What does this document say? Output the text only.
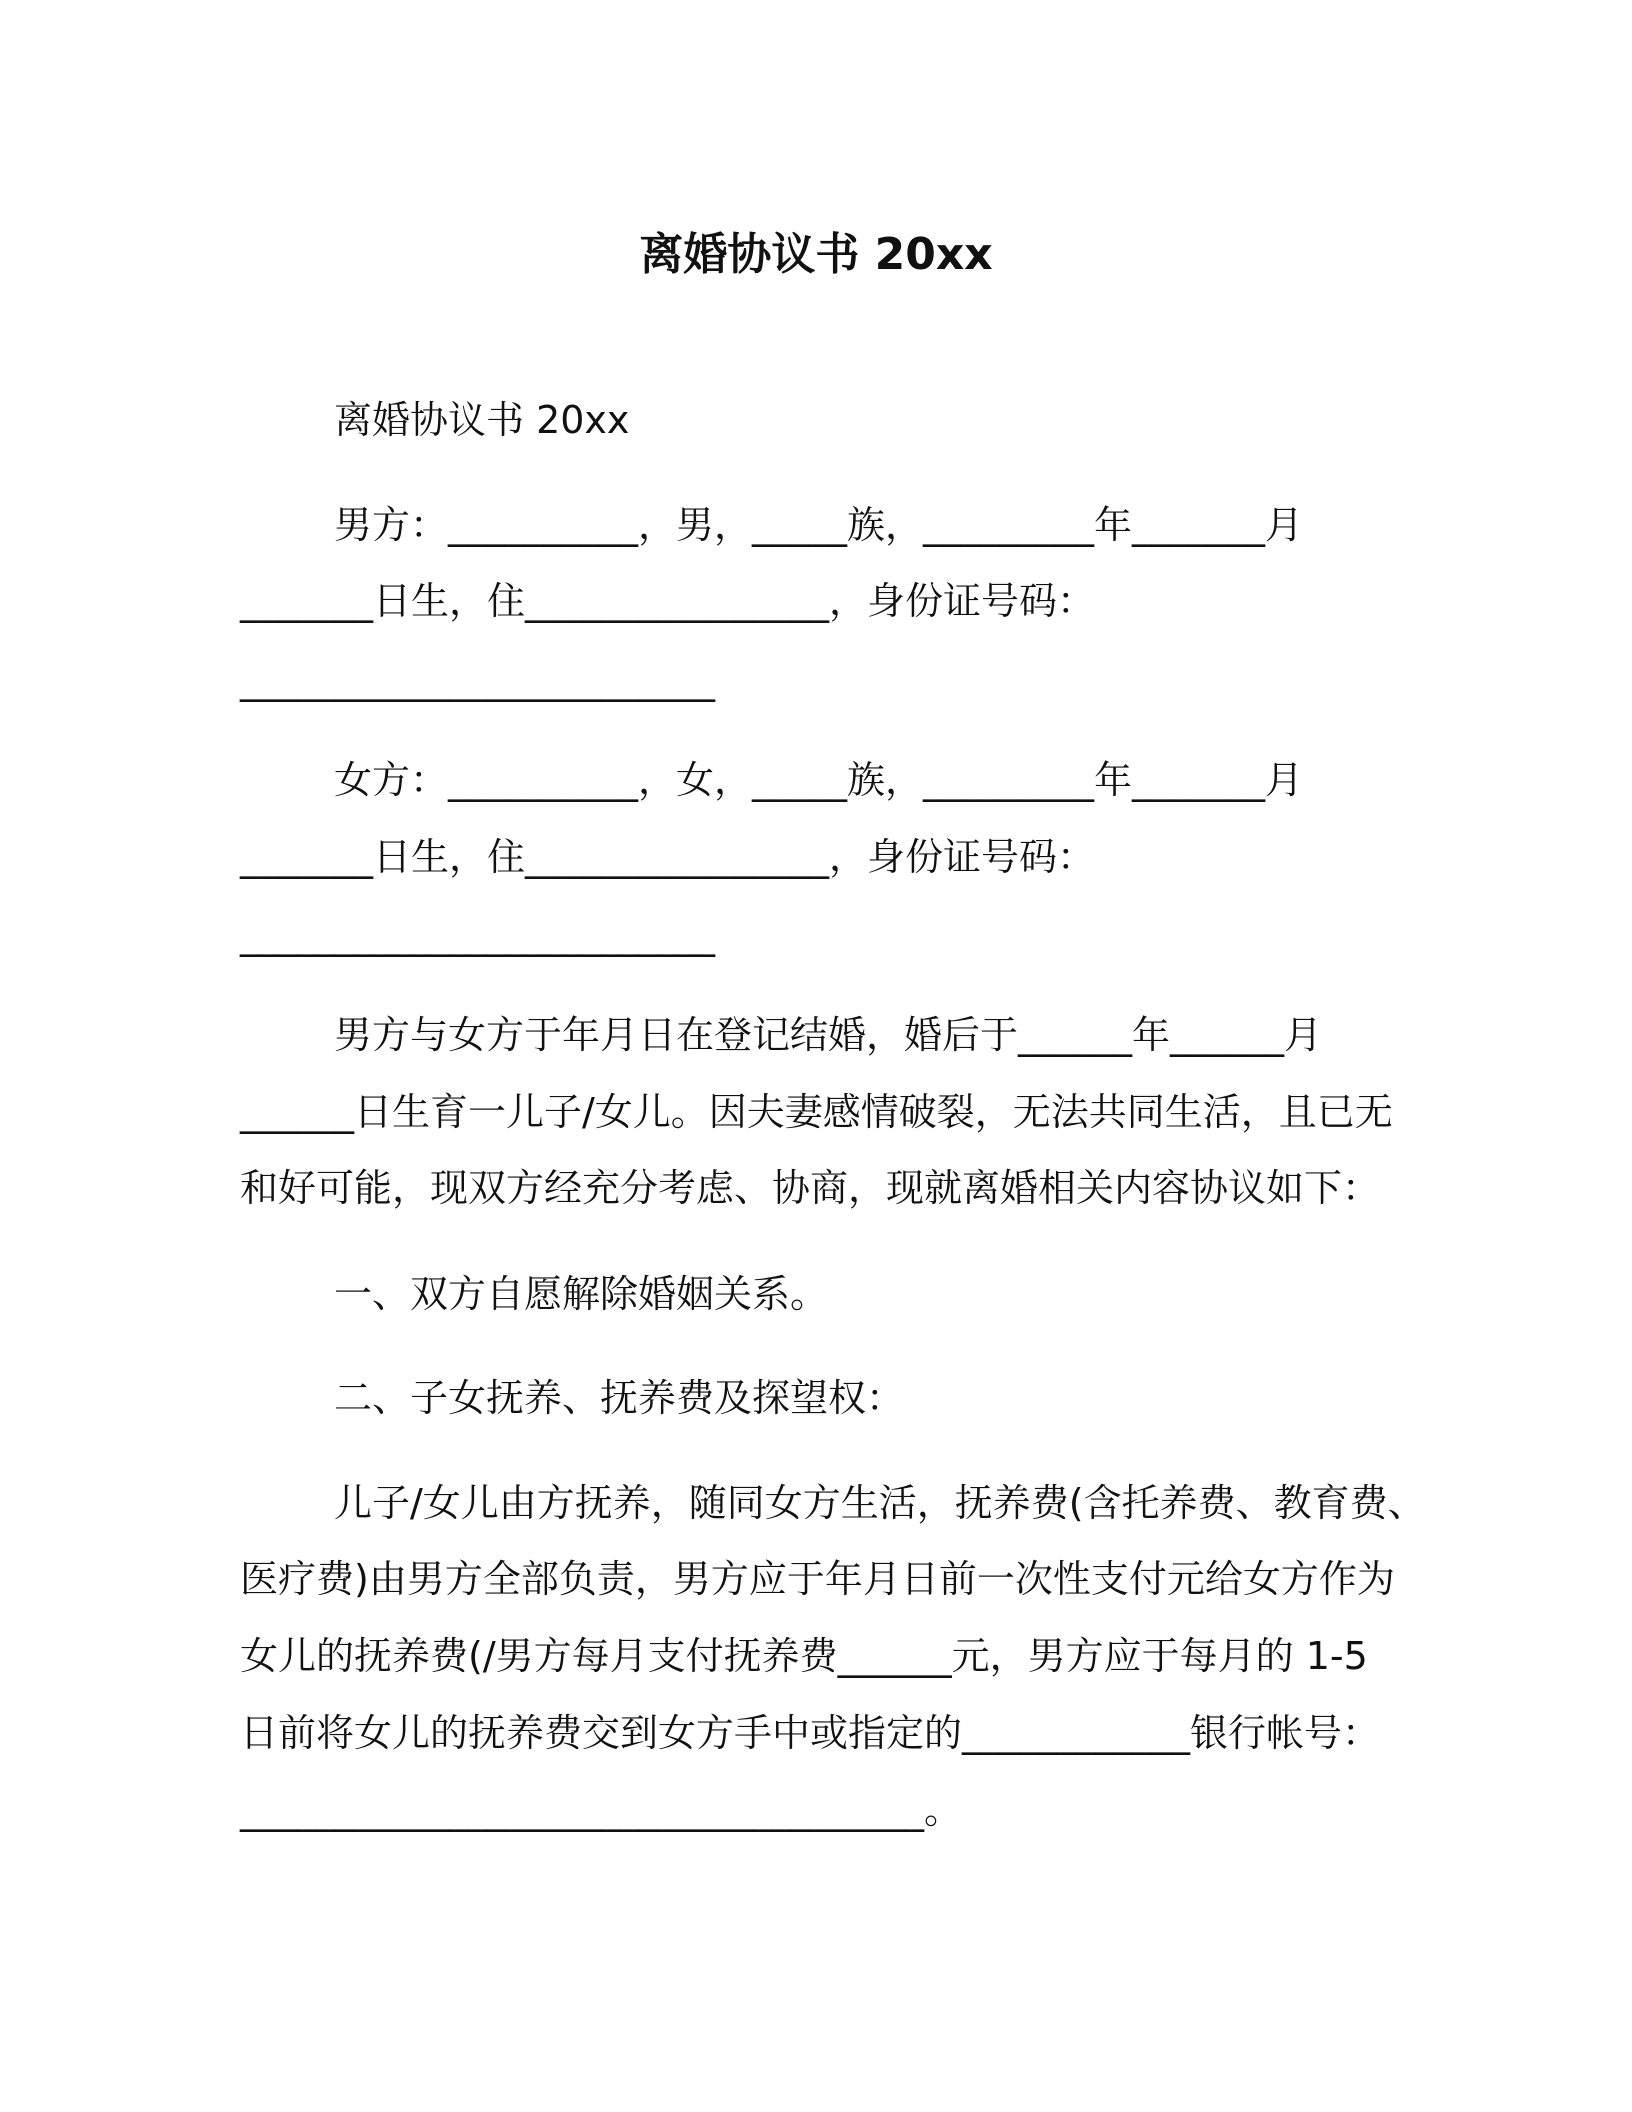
离婚协议书 20xx

离婚协议书 20xx

男方：__________，男，_____族，_________年_______月

_______日生，住________________，身份证号码：

_________________________

女方：__________，女，_____族，_________年_______月

_______日生，住________________，身份证号码：

_________________________

男方与女方于年月日在登记结婚，婚后于______年______月

______日生育一儿子/女儿。因夫妻感情破裂，无法共同生活，且已无

和好可能，现双方经充分考虑、协商，现就离婚相关内容协议如下：

一、双方自愿解除婚姻关系。

二、子女抚养、抚养费及探望权：

儿子/女儿由方抚养，随同女方生活，抚养费(含托养费、教育费、

医疗费)由男方全部负责，男方应于年月日前一次性支付元给女方作为

女儿的抚养费(/男方每月支付抚养费______元，男方应于每月的 1-5

日前将女儿的抚养费交到女方手中或指定的____________银行帐号：

____________________________________。
